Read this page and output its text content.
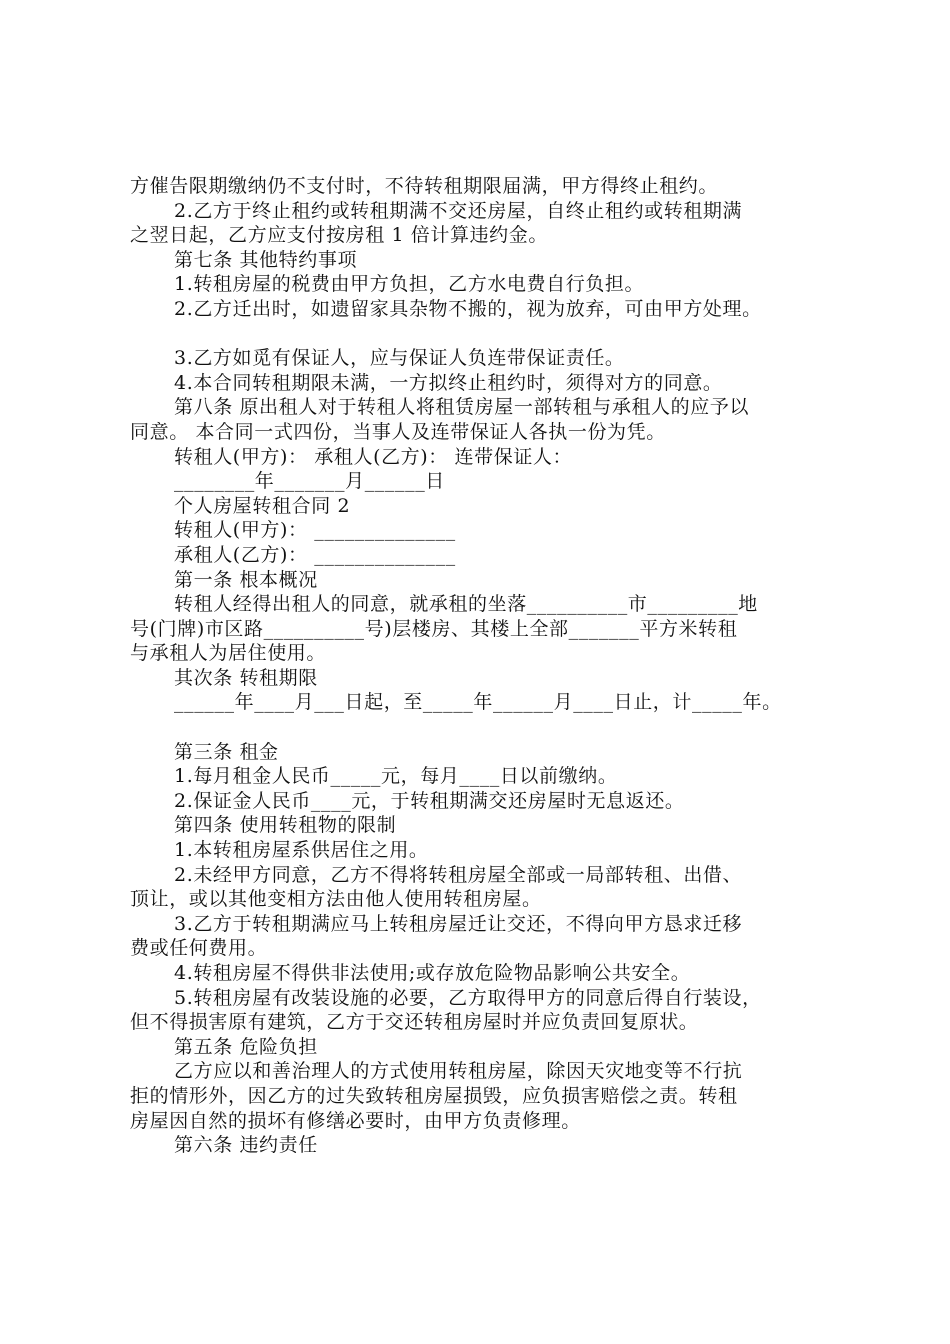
方催告限期缴纳仍不支付时，不待转租期限届满，甲方得终止租约。
2.乙方于终止租约或转租期满不交还房屋，自终止租约或转租期满
之翌日起，乙方应支付按房租 1 倍计算违约金。
第七条 其他特约事项
1.转租房屋的税费由甲方负担，乙方水电费自行负担。
2.乙方迁出时，如遗留家具杂物不搬的，视为放弃，可由甲方处理。
3.乙方如觅有保证人，应与保证人负连带保证责任。
4.本合同转租期限未满，一方拟终止租约时，须得对方的同意。
第八条 原出租人对于转租人将租赁房屋一部转租与承租人的应予以
同意。 本合同一式四份，当事人及连带保证人各执一份为凭。
转租人(甲方)： 承租人(乙方)： 连带保证人：
________年_______月______日
个人房屋转租合同 2
转租人(甲方)： ______________
承租人(乙方)： ______________
第一条 根本概况
转租人经得出租人的同意，就承租的坐落__________市_________地
号(门牌)市区路__________号)层楼房、其楼上全部_______平方米转租
与承租人为居住使用。
其次条 转租期限
______年____月___日起，至_____年______月____日止，计_____年。
第三条 租金
1.每月租金人民币_____元，每月____日以前缴纳。
2.保证金人民币____元，于转租期满交还房屋时无息返还。
第四条 使用转租物的限制
1.本转租房屋系供居住之用。
2.未经甲方同意，乙方不得将转租房屋全部或一局部转租、出借、
顶让，或以其他变相方法由他人使用转租房屋。
3.乙方于转租期满应马上转租房屋迁让交还，不得向甲方恳求迁移
费或任何费用。
4.转租房屋不得供非法使用;或存放危险物品影响公共安全。
5.转租房屋有改装设施的必要，乙方取得甲方的同意后得自行装设，
但不得损害原有建筑，乙方于交还转租房屋时并应负责回复原状。
第五条 危险负担
乙方应以和善治理人的方式使用转租房屋，除因天灾地变等不行抗
拒的情形外，因乙方的过失致转租房屋损毁，应负损害赔偿之责。转租
房屋因自然的损坏有修缮必要时，由甲方负责修理。
第六条 违约责任
